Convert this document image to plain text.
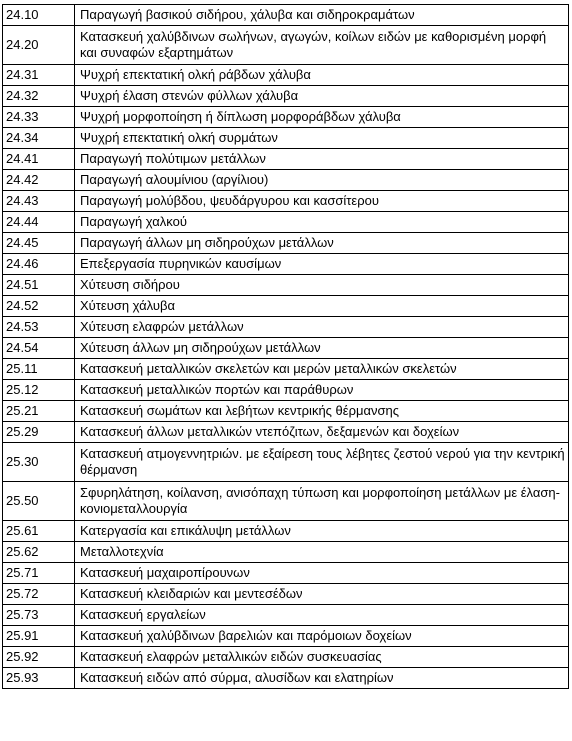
24.10	Παραγωγή βασικού σιδήρου, χάλυβα και σιδηροκραμάτων
24.20	Κατασκευή χαλύβδινων σωλήνων, αγωγών, κοίλων ειδών με καθορισμένη μορφή και συναφών εξαρτημάτων
24.31	Ψυχρή επεκτατική ολκή ράβδων χάλυβα
24.32	Ψυχρή έλαση στενών φύλλων χάλυβα
24.33	Ψυχρή μορφοποίηση ή δίπλωση μορφοράβδων χάλυβα
24.34	Ψυχρή επεκτατική ολκή συρμάτων
24.41	Παραγωγή πολύτιμων μετάλλων
24.42	Παραγωγή αλουμίνιου (αργίλιου)
24.43	Παραγωγή μολύβδου, ψευδάργυρου και κασσίτερου
24.44	Παραγωγή χαλκού
24.45	Παραγωγή άλλων μη σιδηρούχων μετάλλων
24.46	Επεξεργασία πυρηνικών καυσίμων
24.51	Χύτευση σιδήρου
24.52	Χύτευση χάλυβα
24.53	Χύτευση ελαφρών μετάλλων
24.54	Χύτευση άλλων μη σιδηρούχων μετάλλων
25.11	Κατασκευή μεταλλικών σκελετών και μερών μεταλλικών σκελετών
25.12	Κατασκευή μεταλλικών πορτών και παράθυρων
25.21	Κατασκευή σωμάτων και λεβήτων κεντρικής θέρμανσης
25.29	Κατασκευή άλλων μεταλλικών ντεπόζιτων, δεξαμενών και δοχείων
25.30	Κατασκευή ατμογεννητριών. με εξαίρεση τους λέβητες ζεστού νερού για την κεντρική θέρμανση
25.50	Σφυρηλάτηση, κοίλανση, ανισόπαχη τύπωση και μορφοποίηση μετάλλων με έλαση-κονιομεταλλουργία
25.61	Κατεργασία και επικάλυψη μετάλλων
25.62	Μεταλλοτεχνία
25.71	Κατασκευή μαχαιροπίρουνων
25.72	Κατασκευή κλειδαριών και μεντεσέδων
25.73	Κατασκευή εργαλείων
25.91	Κατασκευή χαλύβδινων βαρελιών και παρόμοιων δοχείων
25.92	Κατασκευή ελαφρών μεταλλικών ειδών συσκευασίας
25.93	Κατασκευή ειδών από σύρμα, αλυσίδων και ελατηρίων
